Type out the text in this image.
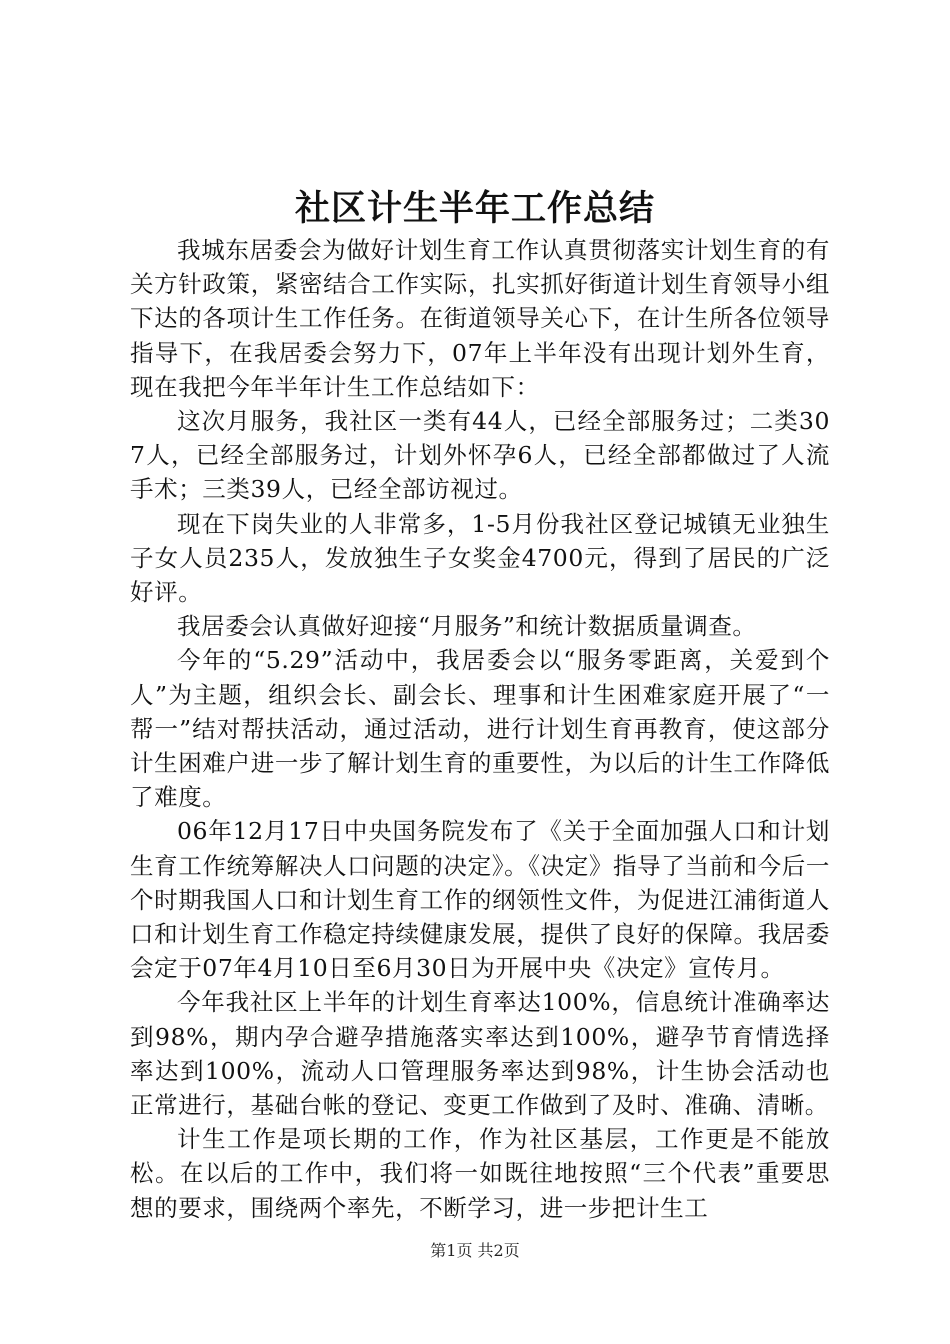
社区计生半年工作总结

我城东居委会为做好计划生育工作认真贯彻落实计划生育的有关方针政策，紧密结合工作实际，扎实抓好街道计划生育领导小组下达的各项计生工作任务。在街道领导关心下，在计生所各位领导指导下，在我居委会努力下，07年上半年没有出现计划外生育，现在我把今年半年计生工作总结如下：

这次月服务，我社区一类有44人，已经全部服务过；二类307人，已经全部服务过，计划外怀孕6人，已经全部都做过了人流手术；三类39人，已经全部访视过。

现在下岗失业的人非常多，1-5月份我社区登记城镇无业独生子女人员235人，发放独生子女奖金4700元，得到了居民的广泛好评。

我居委会认真做好迎接“月服务”和统计数据质量调查。

今年的“5.29”活动中，我居委会以“服务零距离，关爱到个人”为主题，组织会长、副会长、理事和计生困难家庭开展了“一帮一”结对帮扶活动，通过活动，进行计划生育再教育，使这部分计生困难户进一步了解计划生育的重要性，为以后的计生工作降低了难度。

06年12月17日中央国务院发布了《关于全面加强人口和计划生育工作统筹解决人口问题的决定》。《决定》指导了当前和今后一个时期我国人口和计划生育工作的纲领性文件，为促进江浦街道人口和计划生育工作稳定持续健康发展，提供了良好的保障。我居委会定于07年4月10日至6月30日为开展中央《决定》宣传月。

今年我社区上半年的计划生育率达100%，信息统计准确率达到98%，期内孕合避孕措施落实率达到100%，避孕节育情选择率达到100%，流动人口管理服务率达到98%，计生协会活动也正常进行，基础台帐的登记、变更工作做到了及时、准确、清晰。

计生工作是项长期的工作，作为社区基层，工作更是不能放松。在以后的工作中，我们将一如既往地按照“三个代表”重要思想的要求，围绕两个率先，不断学习，进一步把计生工

第1页 共2页
